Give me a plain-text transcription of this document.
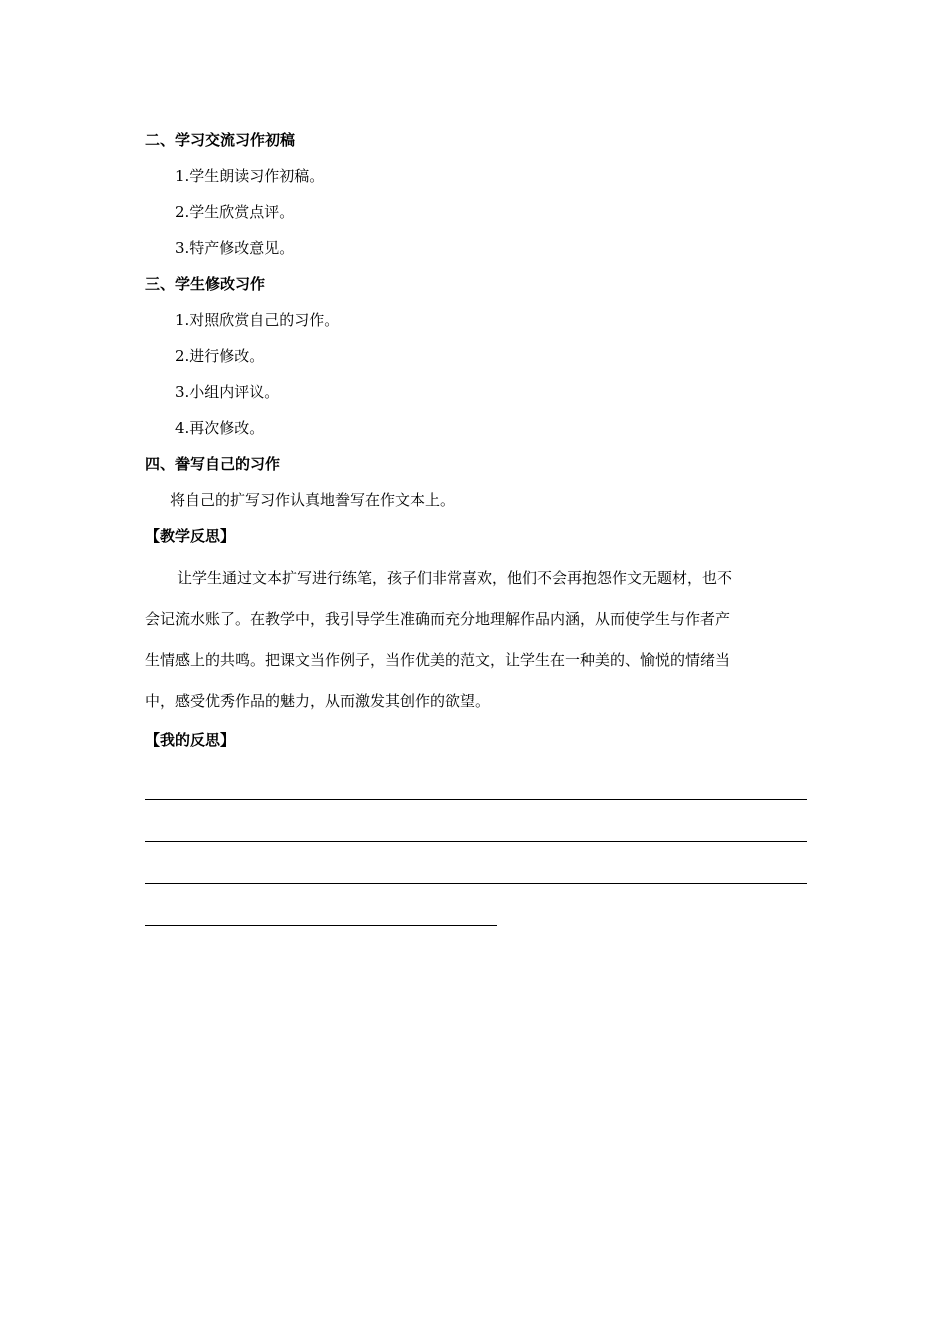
二、学习交流习作初稿
1.学生朗读习作初稿。
2.学生欣赏点评。
3.特产修改意见。
三、学生修改习作
1.对照欣赏自己的习作。
2.进行修改。
3.小组内评议。
4.再次修改。
四、誊写自己的习作
将自己的扩写习作认真地誊写在作文本上。
【教学反思】
让学生通过文本扩写进行练笔，孩子们非常喜欢，他们不会再抱怨作文无题材，也不
会记流水账了。在教学中，我引导学生准确而充分地理解作品内涵，从而使学生与作者产
生情感上的共鸣。把课文当作例子，当作优美的范文，让学生在一种美的、愉悦的情绪当
中，感受优秀作品的魅力，从而激发其创作的欲望。
【我的反思】
